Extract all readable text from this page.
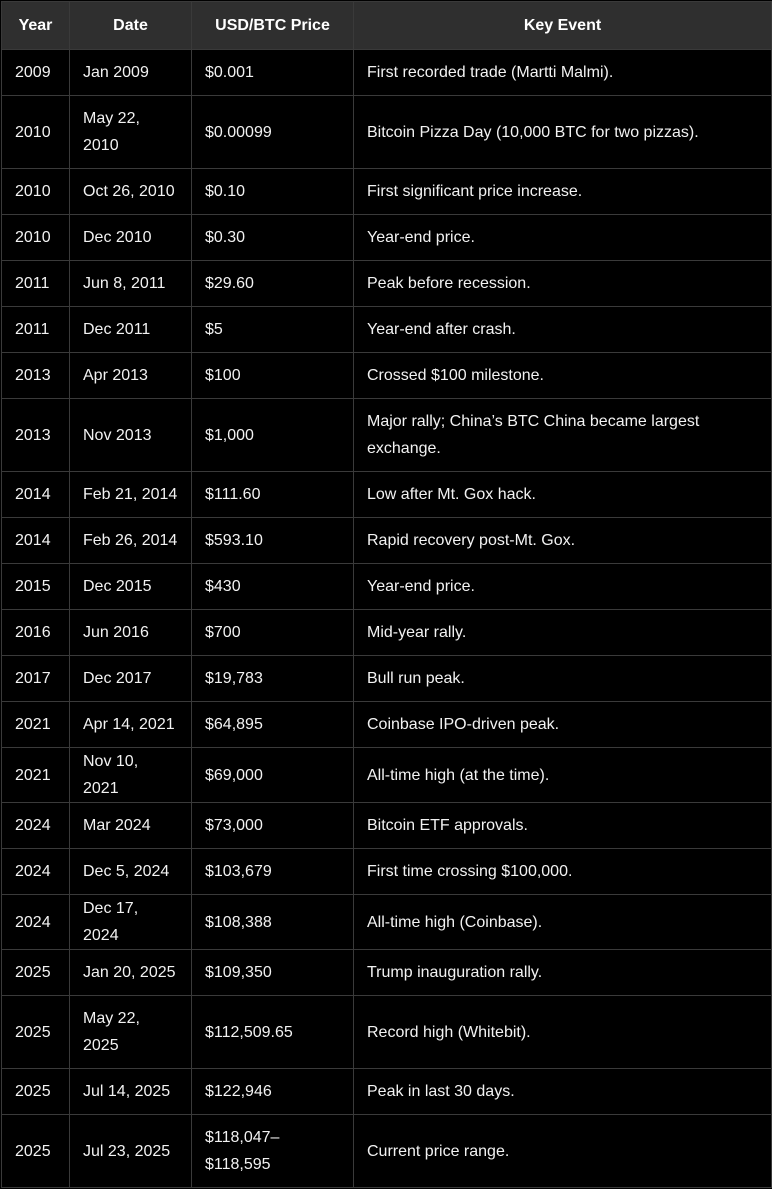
Year	Date	USD/BTC Price	Key Event
2009	Jan 2009	$0.001	First recorded trade (Martti Malmi).
2010	May 22, 2010	$0.00099	Bitcoin Pizza Day (10,000 BTC for two pizzas).
2010	Oct 26, 2010	$0.10	First significant price increase.
2010	Dec 2010	$0.30	Year-end price.
2011	Jun 8, 2011	$29.60	Peak before recession.
2011	Dec 2011	$5	Year-end after crash.
2013	Apr 2013	$100	Crossed $100 milestone.
2013	Nov 2013	$1,000	Major rally; China’s BTC China became largest exchange.
2014	Feb 21, 2014	$111.60	Low after Mt. Gox hack.
2014	Feb 26, 2014	$593.10	Rapid recovery post-Mt. Gox.
2015	Dec 2015	$430	Year-end price.
2016	Jun 2016	$700	Mid-year rally.
2017	Dec 2017	$19,783	Bull run peak.
2021	Apr 14, 2021	$64,895	Coinbase IPO-driven peak.
2021	Nov 10, 2021	$69,000	All-time high (at the time).
2024	Mar 2024	$73,000	Bitcoin ETF approvals.
2024	Dec 5, 2024	$103,679	First time crossing $100,000.
2024	Dec 17, 2024	$108,388	All-time high (Coinbase).
2025	Jan 20, 2025	$109,350	Trump inauguration rally.
2025	May 22, 2025	$112,509.65	Record high (Whitebit).
2025	Jul 14, 2025	$122,946	Peak in last 30 days.
2025	Jul 23, 2025	$118,047–$118,595	Current price range.
